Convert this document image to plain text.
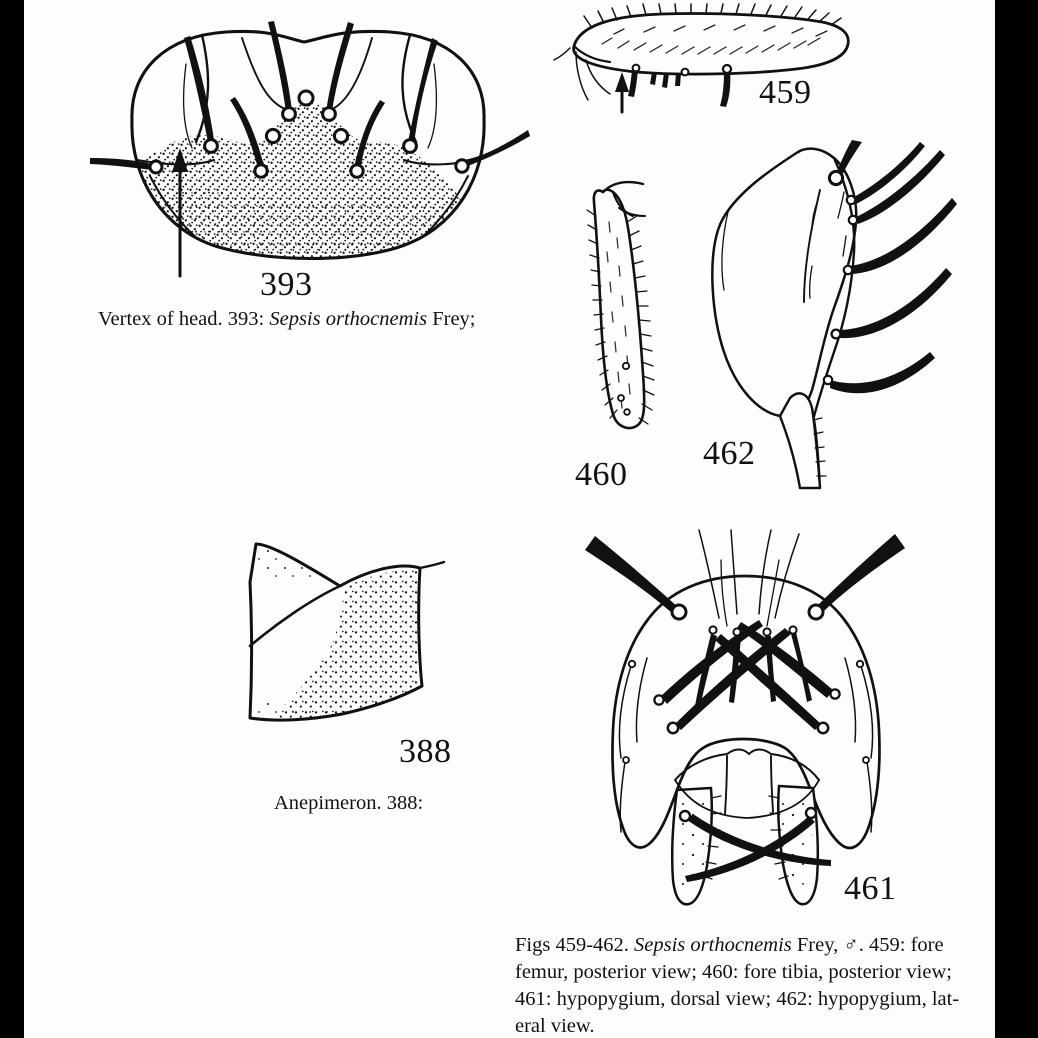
393
Vertex of head. 393: Sepsis orthocnemis Frey;
459
460
462
388
Anepimeron. 388:
461
Figs 459-462. Sepsis orthocnemis Frey, ♂. 459: fore
femur, posterior view; 460: fore tibia, posterior view;
461: hypopygium, dorsal view; 462: hypopygium, lat-
eral view.
